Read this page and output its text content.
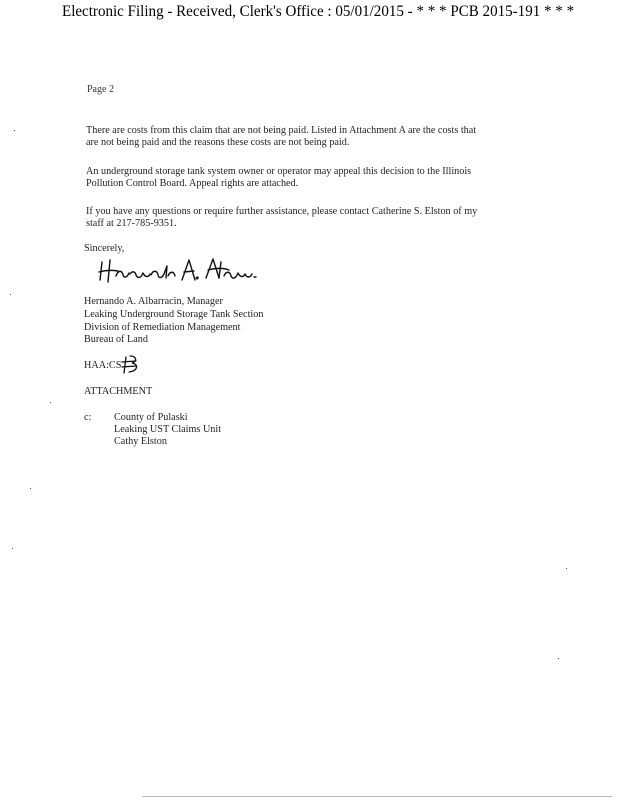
Electronic Filing - Received, Clerk's Office : 05/01/2015 - * * * PCB 2015-191 * * *
Page 2
There are costs from this claim that are not being paid. Listed in Attachment A are the costs that
are not being paid and the reasons these costs are not being paid.
An underground storage tank system owner or operator may appeal this decision to the Illinois
Pollution Control Board. Appeal rights are attached.
If you have any questions or require further assistance, please contact Catherine S. Elston of my
staff at 217-785-9351.
Sincerely,
Hernando A. Albarracin, Manager
Leaking Underground Storage Tank Section
Division of Remediation Management
Bureau of Land
HAA:CS
ATTACHMENT
c: County of Pulaski
Leaking UST Claims Unit
Cathy Elston
